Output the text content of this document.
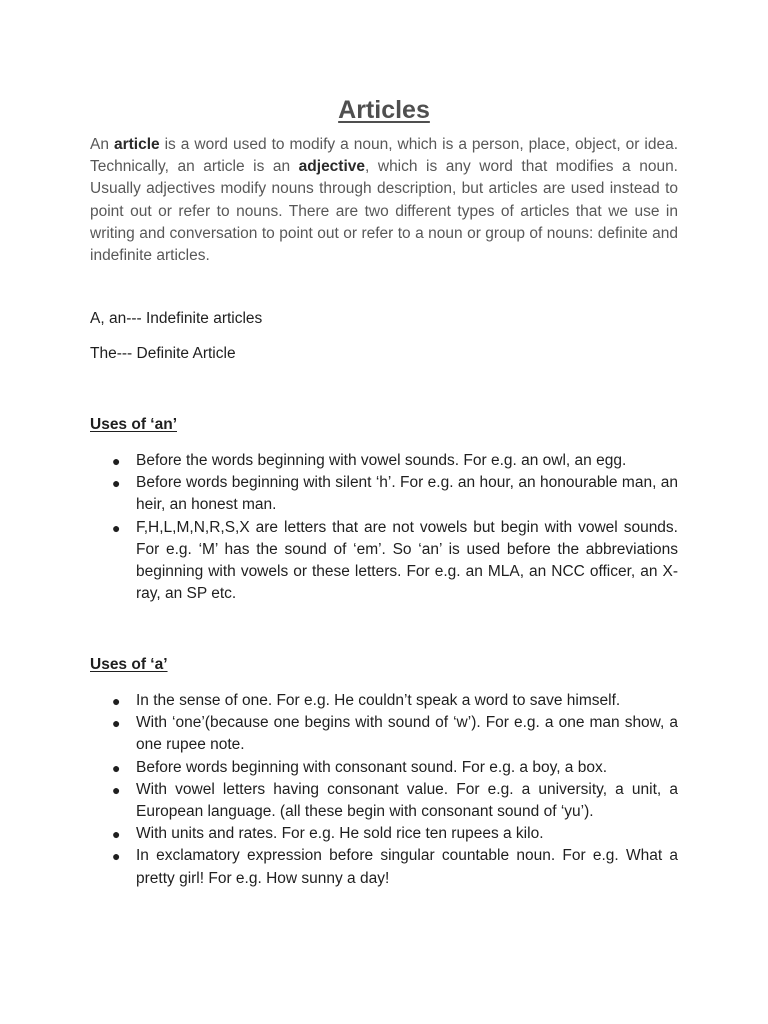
Articles

An article is a word used to modify a noun, which is a person, place, object, or idea. Technically, an article is an adjective, which is any word that modifies a noun. Usually adjectives modify nouns through description, but articles are used instead to point out or refer to nouns. There are two different types of articles that we use in writing and conversation to point out or refer to a noun or group of nouns: definite and indefinite articles.

A, an--- Indefinite articles

The--- Definite Article

Uses of ‘an’

● Before the words beginning with vowel sounds. For e.g. an owl, an egg.
● Before words beginning with silent ‘h’. For e.g. an hour, an honourable man, an heir, an honest man.
● F,H,L,M,N,R,S,X are letters that are not vowels but begin with vowel sounds. For e.g. ‘M’ has the sound of ‘em’. So ‘an’ is used before the abbreviations beginning with vowels or these letters. For e.g. an MLA, an NCC officer, an X-ray, an SP etc.

Uses of ‘a’

● In the sense of one. For e.g. He couldn’t speak a word to save himself.
● With ‘one’(because one begins with sound of ‘w’). For e.g. a one man show, a one rupee note.
● Before words beginning with consonant sound. For e.g. a boy, a box.
● With vowel letters having consonant value. For e.g. a university, a unit, a European language. (all these begin with consonant sound of ‘yu’).
● With units and rates. For e.g. He sold rice ten rupees a kilo.
● In exclamatory expression before singular countable noun. For e.g. What a pretty girl! For e.g. How sunny a day!
